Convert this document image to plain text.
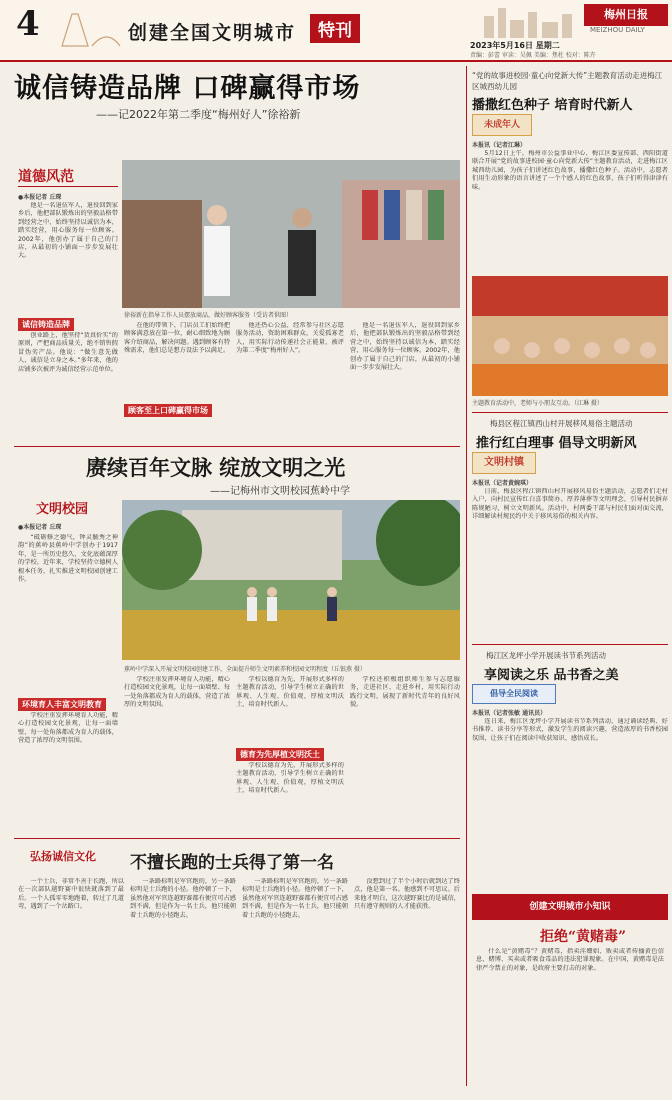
4	创建全国文明城市	特刊
梅州日报
MEIZHOU DAILY
2023年5月16日 星期二
责编：彭蕾 审读：吴佩 美编：焦杜 校对：陈卉
诚信铸造品牌 口碑赢得市场
——记2022年第二季度“梅州好人”徐裕新
道德风范
●本报记者 丘琛
徐裕新在指导工作人员摆放商品，做好顾客服务（受访者供图）

他是一名退伍军人，退役回到家乡后，他把部队锻炼出的坚毅品格带到经营之中，始终坚持以诚信为本，踏实经营，用心服务每一位顾客。2002年，他创办了属于自己的门店，从最初的小铺面一步步发展壮大。

诚信铸造品牌

创业路上，他坚持“货真价实”的原则，严把商品质量关，绝不销售假冒伪劣产品。他说：“做生意先做人，诚信是立身之本。”多年来，他的店铺多次被评为诚信经营示范单位。

在他的带领下，门店员工们始终把顾客满意放在第一位，耐心细致地为顾客介绍商品，解决问题。遇到顾客有特殊需求，他们总是想方设法予以满足。

顾客至上口碑赢得市场

他还热心公益，经常参与社区志愿服务活动，资助困难群众，关爱孤寡老人，用实际行动传递社会正能量，被评为第二季度“梅州好人”。

他是一名退伍军人，退役回到家乡后，他把部队锻炼出的坚毅品格带到经营之中，始终坚持以诚信为本，踏实经营，用心服务每一位顾客。2002年，他创办了属于自己的门店，从最初的小铺面一步步发展壮大。

赓续百年文脉 绽放文明之光
——记梅州市文明校园蕉岭中学
文明校园
●本报记者 丘琛
蕉岭中学深入开展文明校园创建工作，全面提升师生文明素养和校园文明程度（丘银燕 摄）

“砥砺修之德气，钟灵毓秀之神韵”的蕉岭县蕉岭中学创办于1917年，是一所历史悠久、文化底蕴深厚的学校。近年来，学校坚持立德树人根本任务，扎实推进文明校园创建工作。

环境育人丰富文明教育

学校注重发挥环境育人功能，精心打造校园文化景观，让每一面墙壁、每一处角落都成为育人的载体，营造了浓厚的文明氛围。

学校注重发挥环境育人功能，精心打造校园文化景观，让每一面墙壁、每一处角落都成为育人的载体，营造了浓厚的文明氛围。

德育为先厚植文明沃土

学校以德育为先，开展形式多样的主题教育活动，引导学生树立正确的世界观、人生观、价值观，厚植文明沃土，培育时代新人。

学校以德育为先，开展形式多样的主题教育活动，引导学生树立正确的世界观、人生观、价值观，厚植文明沃土，培育时代新人。

学校还积极组织师生参与志愿服务，走进社区、走进乡村，用实际行动践行文明，展现了新时代青年的良好风貌。

弘扬诚信文化 不擅长跑的士兵得了第一名

一个士兵，非常不善于长跑，所以在一次部队越野赛中很快就落到了最后。一个人孤零零地跑着，转过了几道弯，遇到了一个岔路口。

一条路标明是军官跑的，另一条路标明是士兵跑的小径。他停顿了一下，虽然他对军官连越野赛都有便宜可占感到不满，但是作为一名士兵，他只能朝着士兵跑的小径跑去。

一条路标明是军官跑的，另一条路标明是士兵跑的小径。他停顿了一下，虽然他对军官连越野赛都有便宜可占感到不满，但是作为一名士兵，他只能朝着士兵跑的小径跑去。

没想到过了半个小时后就到达了终点，他是第一名。他感到不可思议。后来他才明白，这次越野赛比的是诚信，只有遵守规则的人才能获胜。

“党的故事进校园·童心向党新大传”主题教育活动走进梅江区城西幼儿园
播撒红色种子 培育时代新人
未成年人
本报讯（记者江琳）

5月12日上午，梅州市公益事业中心、梅江区委宣传部、西阳街道联合开展“党的故事进校园·童心向党新大传”主题教育活动，走进梅江区城西幼儿园，为孩子们讲述红色故事，播撒红色种子。活动中，志愿者们用生动形象的语言讲述了一个个感人的红色故事，孩子们听得津津有味。

主题教育活动中，老师与小朋友互动。（江琳 摄）
梅县区程江镇西山村开展移风易俗主题活动
推行红白理事 倡导文明新风
文明村镇
本报讯（记者黄婉琪）

日前，梅县区程江镇西山村开展移风易俗主题活动，志愿者们走村入户，向村民宣传红白喜事简办、厚养薄葬等文明理念，引导村民摒弃陈规陋习，树立文明新风。活动中，村两委干部与村民们面对面交流，详细解读村规民约中关于移风易俗的相关内容。

梅江区龙坪小学开展读书节系列活动
享阅读之乐 品书香之美
倡导全民阅读
本报讯（记者张敏 通讯员）

连日来，梅江区龙坪小学开展读书节系列活动，通过诵读经典、好书推荐、读书分享等形式，激发学生的阅读兴趣，营造浓厚的书香校园氛围，让孩子们在阅读中收获知识、感悟成长。

创建文明城市小知识
拒绝“黄赌毒”

什么是“黄赌毒”？黄赌毒，指卖淫嫖娼、贩卖或者传播黄色信息、赌博、买卖或者吸食毒品的违法犯罪现象。在中国，黄赌毒是法律严令禁止的对象，是政府主要打击的对象。
